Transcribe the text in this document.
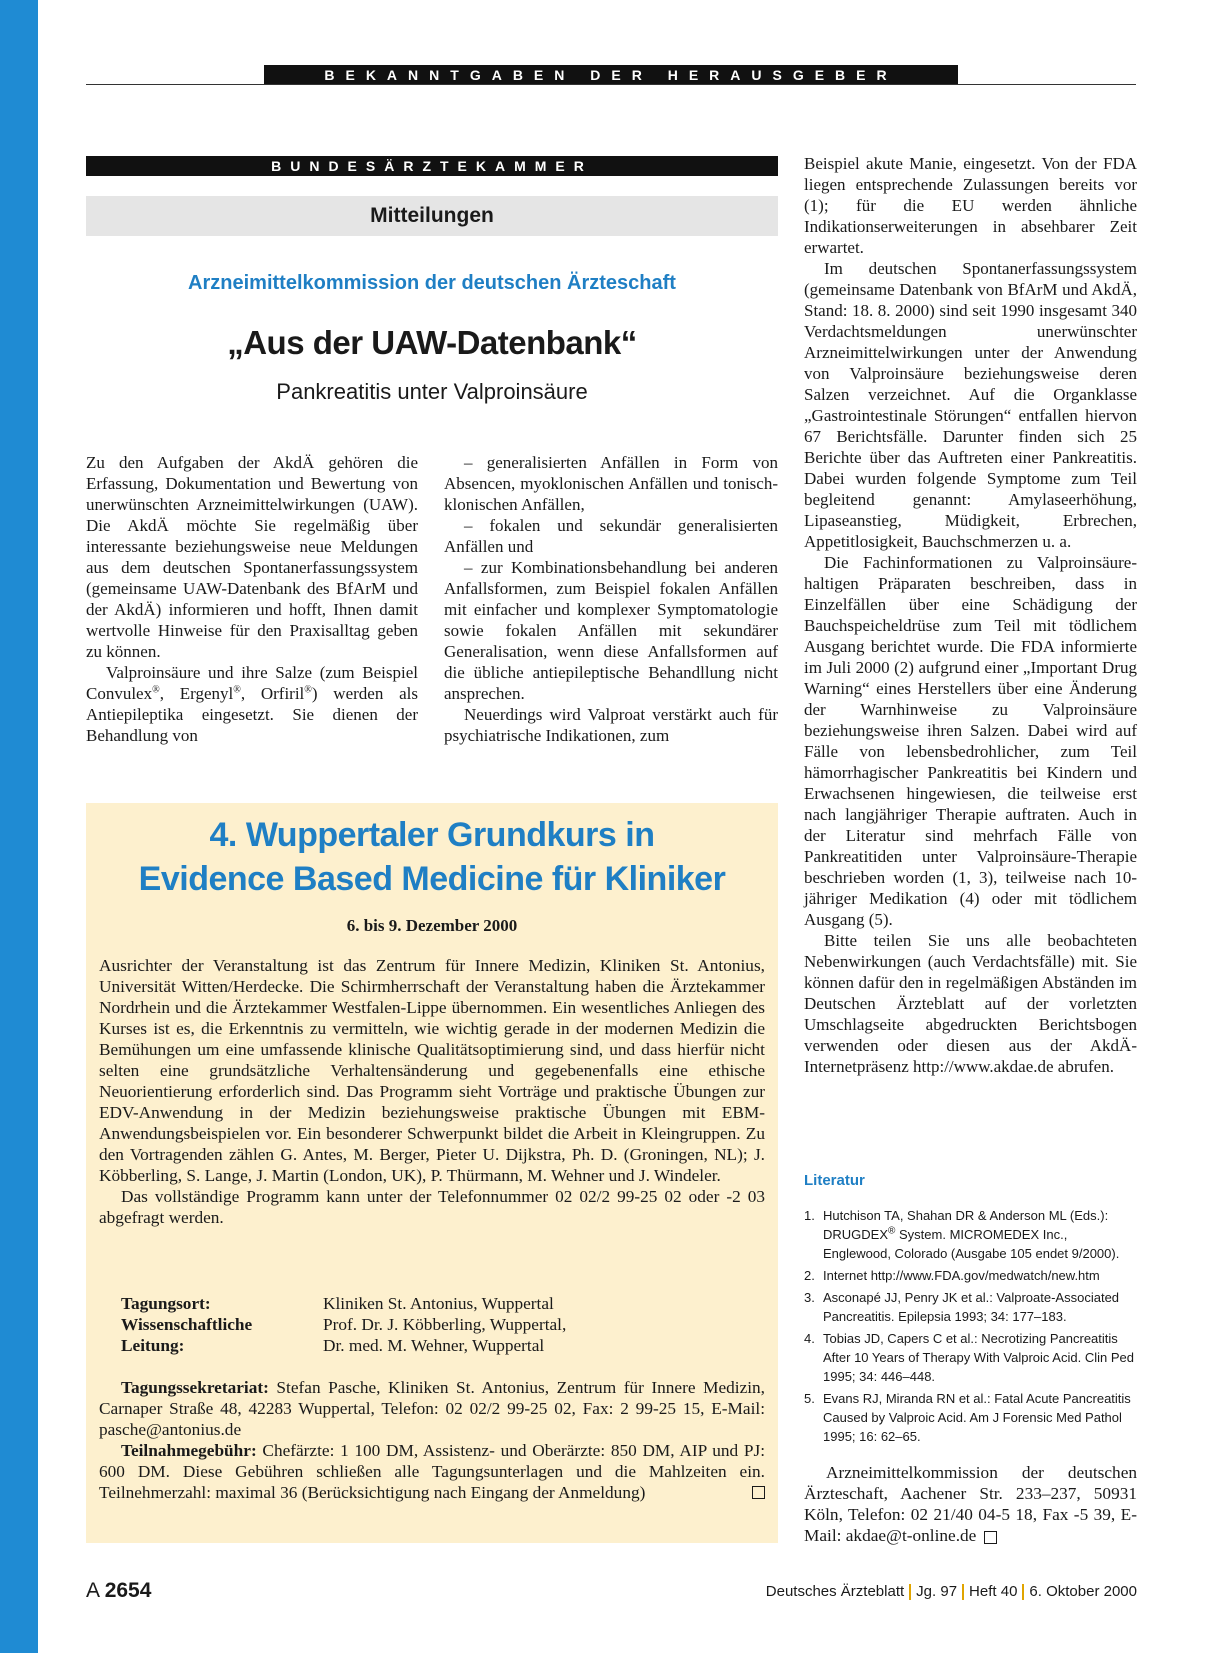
BEKANNTGABEN DER HERAUSGEBER
BUNDESÄRZTEKAMMER
Mitteilungen
Arzneimittelkommission der deutschen Ärzteschaft
„Aus der UAW-Datenbank“
Pankreatitis unter Valproinsäure

Zu den Aufgaben der AkdÄ gehören die Erfassung, Dokumentation und Bewertung von unerwünschten Arzneimittelwirkungen (UAW). Die AkdÄ möchte Sie regelmäßig über interessante beziehungsweise neue Meldungen aus dem deutschen Spontanerfassungssystem (gemeinsame UAW-Datenbank des BfArM und der AkdÄ) informieren und hofft, Ihnen damit wertvolle Hinweise für den Praxisalltag geben zu können.

Valproinsäure und ihre Salze (zum Beispiel Convulex®, Ergenyl®, Orfiril®) werden als Antiepileptika eingesetzt. Sie dienen der Behandlung von

– generalisierten Anfällen in Form von Absencen, myoklonischen Anfällen und tonisch-klonischen Anfällen,

– fokalen und sekundär generalisierten Anfällen und

– zur Kombinationsbehandlung bei anderen Anfallsformen, zum Beispiel fokalen Anfällen mit einfacher und komplexer Symptomatologie sowie fokalen Anfällen mit sekundärer Generalisation, wenn diese Anfallsformen auf die übliche antiepileptische Behandllung nicht ansprechen.

Neuerdings wird Valproat verstärkt auch für psychiatrische Indikationen, zum

Beispiel akute Manie, eingesetzt. Von der FDA liegen entsprechende Zulassungen bereits vor (1); für die EU werden ähnliche Indikationserweiterungen in absehbarer Zeit erwartet.

Im deutschen Spontanerfassungssystem (gemeinsame Datenbank von BfArM und AkdÄ, Stand: 18. 8. 2000) sind seit 1990 insgesamt 340 Verdachtsmeldungen unerwünschter Arzneimittelwirkungen unter der Anwendung von Valproinsäure beziehungsweise deren Salzen verzeichnet. Auf die Organklasse „Gastrointestinale Störungen“ entfallen hiervon 67 Berichtsfälle. Darunter finden sich 25 Berichte über das Auftreten einer Pankreatitis. Dabei wurden folgende Symptome zum Teil begleitend genannt: Amylaseerhöhung, Lipaseanstieg, Müdigkeit, Erbrechen, Appetitlosigkeit, Bauchschmerzen u. a.

Die Fachinformationen zu Valproinsäure-haltigen Präparaten beschreiben, dass in Einzelfällen über eine Schädigung der Bauchspeicheldrüse zum Teil mit tödlichem Ausgang berichtet wurde. Die FDA informierte im Juli 2000 (2) aufgrund einer „Important Drug Warning“ eines Herstellers über eine Änderung der Warnhinweise zu Valproinsäure beziehungsweise ihren Salzen. Dabei wird auf Fälle von lebensbedrohlicher, zum Teil hämorrhagischer Pankreatitis bei Kindern und Erwachsenen hingewiesen, die teilweise erst nach langjähriger Therapie auftraten. Auch in der Literatur sind mehrfach Fälle von Pankreatitiden unter Valproinsäure-Therapie beschrieben worden (1, 3), teilweise nach 10-jähriger Medikation (4) oder mit tödlichem Ausgang (5).

Bitte teilen Sie uns alle beobachteten Nebenwirkungen (auch Verdachtsfälle) mit. Sie können dafür den in regelmäßigen Abständen im Deutschen Ärzteblatt auf der vorletzten Umschlagseite abgedruckten Berichtsbogen verwenden oder diesen aus der AkdÄ-Internetpräsenz http://www.akdae.de abrufen.

4. Wuppertaler Grundkurs in
Evidence Based Medicine für Kliniker
6. bis 9. Dezember 2000

Ausrichter der Veranstaltung ist das Zentrum für Innere Medizin, Kliniken St. Antonius, Universität Witten/Herdecke. Die Schirmherrschaft der Veranstaltung haben die Ärztekammer Nordrhein und die Ärztekammer Westfalen-Lippe übernommen. Ein wesentliches Anliegen des Kurses ist es, die Erkenntnis zu vermitteln, wie wichtig gerade in der modernen Medizin die Bemühungen um eine umfassende klinische Qualitätsoptimierung sind, und dass hierfür nicht selten eine grundsätzliche Verhaltensänderung und gegebenenfalls eine ethische Neuorientierung erforderlich sind. Das Programm sieht Vorträge und praktische Übungen zur EDV-Anwendung in der Medizin beziehungsweise praktische Übungen mit EBM-Anwendungsbeispielen vor. Ein besonderer Schwerpunkt bildet die Arbeit in Kleingruppen. Zu den Vortragenden zählen G. Antes, M. Berger, Pieter U. Dijkstra, Ph. D. (Groningen, NL); J. Köbberling, S. Lange, J. Martin (London, UK), P. Thürmann, M. Wehner und J. Windeler.

Das vollständige Programm kann unter der Telefonnummer 02 02/2 99-25 02 oder -2 03 abgefragt werden.

Tagungsort:	Kliniken St. Antonius, Wuppertal
Wissenschaftliche
Leitung:
Prof. Dr. J. Köbberling, Wuppertal,
Dr. med. M. Wehner, Wuppertal

Tagungssekretariat: Stefan Pasche, Kliniken St. Antonius, Zentrum für Innere Medizin, Carnaper Straße 48, 42283 Wuppertal, Telefon: 02 02/2 99-25 02, Fax: 2 99-25 15, E-Mail: pasche@antonius.de

Teilnahmegebühr: Chefärzte: 1 100 DM, Assistenz- und Oberärzte: 850 DM, AIP und PJ: 600 DM. Diese Gebühren schließen alle Tagungsunterlagen und die Mahlzeiten ein. Teilnehmerzahl: maximal 36 (Berücksichtigung nach Eingang der Anmeldung)

Literatur
1. Hutchison TA, Shahan DR & Anderson ML (Eds.): DRUGDEX® System. MICROMEDEX Inc., Englewood, Colorado (Ausgabe 105 endet 9/2000).
2. Internet http://www.FDA.gov/medwatch/new.htm
3. Asconapé JJ, Penry JK et al.: Valproate-Associated Pancreatitis. Epilepsia 1993; 34: 177–183.
4. Tobias JD, Capers C et al.: Necrotizing Pancreatitis After 10 Years of Therapy With Valproic Acid. Clin Ped 1995; 34: 446–448.
5. Evans RJ, Miranda RN et al.: Fatal Acute Pancreatitis Caused by Valproic Acid. Am J Forensic Med Pathol 1995; 16: 62–65.
Arzneimittelkommission der deutschen Ärzteschaft, Aachener Str. 233–237, 50931 Köln, Telefon: 02 21/40 04-5 18, Fax -5 39, E-Mail: akdae@t-online.de
A 2654	Deutsches Ärzteblatt Jg. 97 Heft 40 6. Oktober 2000
